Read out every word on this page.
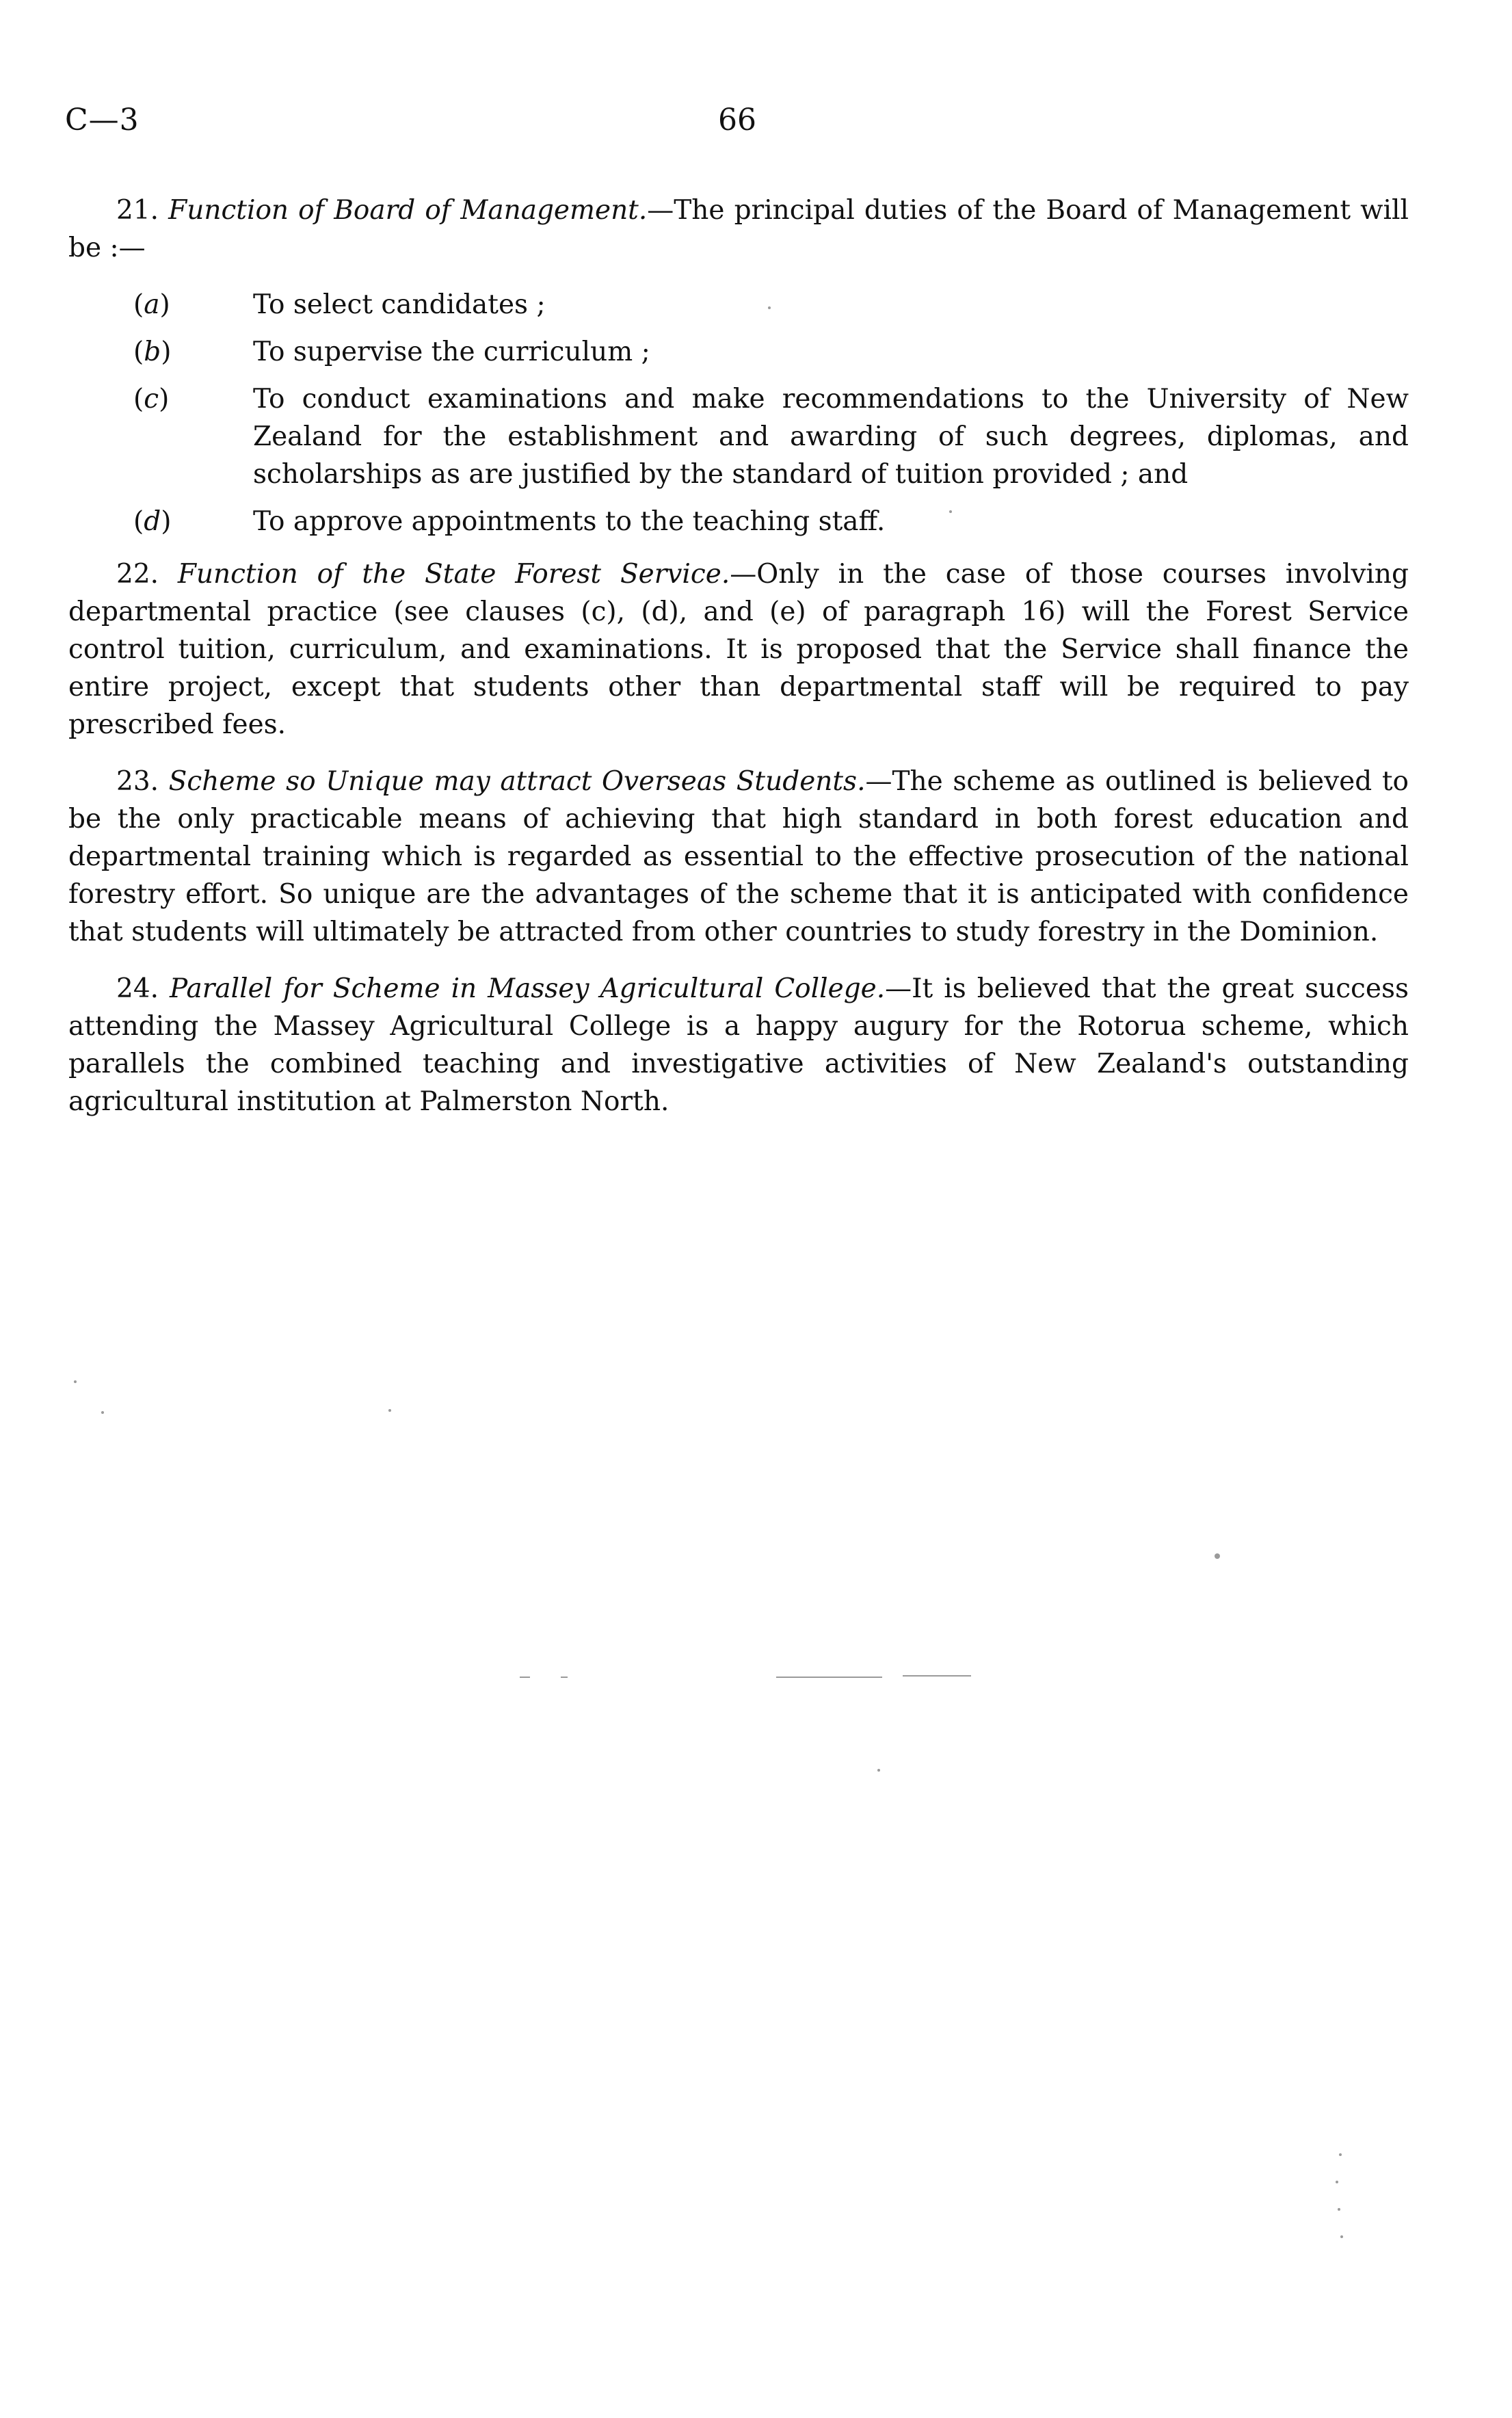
C—3	66

21. Function of Board of Management.—The principal duties of the Board of Management will be :—

(a)	To select candidates ;
(b)	To supervise the curriculum ;
(c)	To conduct examinations and make recommendations to the University of New Zealand for the establishment and awarding of such degrees, diplomas, and scholarships as are justified by the standard of tuition provided ; and
(d)	To approve appointments to the teaching staff.

22. Function of the State Forest Service.—Only in the case of those courses involving departmental practice (see clauses (c), (d), and (e) of paragraph 16) will the Forest Service control tuition, curriculum, and examinations. It is proposed that the Service shall finance the entire project, except that students other than departmental staff will be required to pay prescribed fees.

23. Scheme so Unique may attract Overseas Students.—The scheme as outlined is believed to be the only practicable means of achieving that high standard in both forest education and departmental training which is regarded as essential to the effective prosecution of the national forestry effort. So unique are the advantages of the scheme that it is anticipated with confidence that students will ultimately be attracted from other countries to study forestry in the Dominion.

24. Parallel for Scheme in Massey Agricultural College.—It is believed that the great success attending the Massey Agricultural College is a happy augury for the Rotorua scheme, which parallels the combined teaching and investigative activities of New Zealand's outstanding agricultural institution at Palmerston North.
